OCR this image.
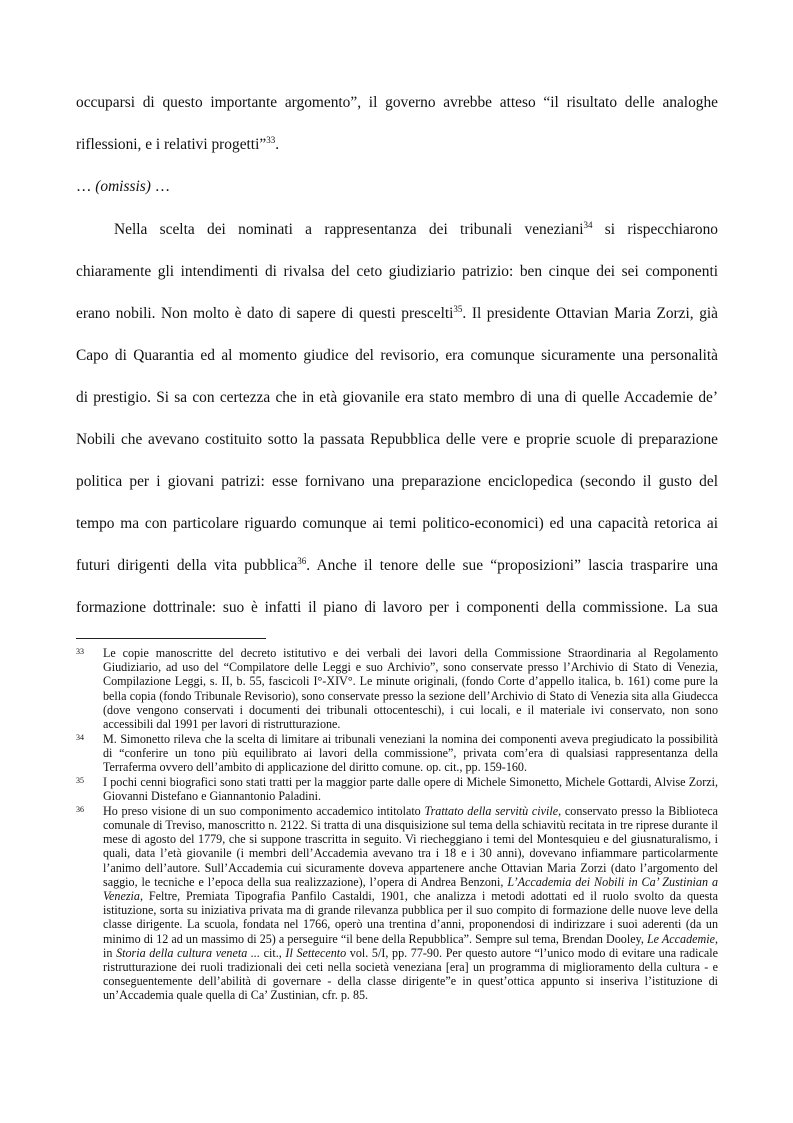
occuparsi di questo importante argomento”, il governo avrebbe atteso “il risultato delle analoghe

riflessioni, e i relativi progetti”$^{33}$.

… (omissis) …

Nella scelta dei nominati a rappresentanza dei tribunali veneziani$^{34}$ si rispecchiarono

chiaramente gli intendimenti di rivalsa del ceto giudiziario patrizio: ben cinque dei sei componenti

erano nobili. Non molto è dato di sapere di questi prescelti$^{35}$. Il presidente Ottavian Maria Zorzi, già

Capo di Quarantia ed al momento giudice del revisorio, era comunque sicuramente una personalità

di prestigio. Si sa con certezza che in età giovanile era stato membro di una di quelle Accademie de’

Nobili che avevano costituito sotto la passata Repubblica delle vere e proprie scuole di preparazione

politica per i giovani patrizi: esse fornivano una preparazione enciclopedica (secondo il gusto del

tempo ma con particolare riguardo comunque ai temi politico-economici) ed una capacità retorica ai

futuri dirigenti della vita pubblica$^{36}$. Anche il tenore delle sue “proposizioni” lascia trasparire una

formazione dottrinale: suo è infatti il piano di lavoro per i componenti della commissione. La sua

33 Le copie manoscritte del decreto istitutivo e dei verbali dei lavori della Commissione Straordinaria al Regolamento Giudiziario, ad uso del “Compilatore delle Leggi e suo Archivio”, sono conservate presso l’Archivio di Stato di Venezia, Compilazione Leggi, s. II, b. 55, fascicoli I°-XIV°. Le minute originali, (fondo Corte d’appello italica, b. 161) come pure la bella copia (fondo Tribunale Revisorio), sono conservate presso la sezione dell’Archivio di Stato di Venezia sita alla Giudecca (dove vengono conservati i documenti dei tribunali ottocenteschi), i cui locali, e il materiale ivi conservato, non sono accessibili dal 1991 per lavori di ristrutturazione.

34 M. Simonetto rileva che la scelta di limitare ai tribunali veneziani la nomina dei componenti aveva pregiudicato la possibilità di “conferire un tono più equilibrato ai lavori della commissione”, privata com’era di qualsiasi rappresentanza della Terraferma ovvero dell’ambito di applicazione del diritto comune. op. cit., pp. 159-160.

35 I pochi cenni biografici sono stati tratti per la maggior parte dalle opere di Michele Simonetto, Michele Gottardi, Alvise Zorzi, Giovanni Distefano e Giannantonio Paladini.

36 Ho preso visione di un suo componimento accademico intitolato Trattato della servitù civile, conservato presso la Biblioteca comunale di Treviso, manoscritto n. 2122. Si tratta di una disquisizione sul tema della schiavitù recitata in tre riprese durante il mese di agosto del 1779, che si suppone trascritta in seguito. Vi riecheggiano i temi del Montesquieu e del giusnaturalismo, i quali, data l’età giovanile (i membri dell’Accademia avevano tra i 18 e i 30 anni), dovevano infiammare particolarmente l’animo dell’autore. Sull’Accademia cui sicuramente doveva appartenere anche Ottavian Maria Zorzi (dato l’argomento del saggio, le tecniche e l’epoca della sua realizzazione), l’opera di Andrea Benzoni, L’Accademia dei Nobili in Ca’ Zustinian a Venezia, Feltre, Premiata Tipografia Panfilo Castaldi, 1901, che analizza i metodi adottati ed il ruolo svolto da questa istituzione, sorta su iniziativa privata ma di grande rilevanza pubblica per il suo compito di formazione delle nuove leve della classe dirigente. La scuola, fondata nel 1766, operò una trentina d’anni, proponendosi di indirizzare i suoi aderenti (da un minimo di 12 ad un massimo di 25) a perseguire “il bene della Repubblica”. Sempre sul tema, Brendan Dooley, Le Accademie, in Storia della cultura veneta ... cit., Il Settecento vol. 5/I, pp. 77-90. Per questo autore “l’unico modo di evitare una radicale ristrutturazione dei ruoli tradizionali dei ceti nella società veneziana [era] un programma di miglioramento della cultura - e conseguentemente dell’abilità di governare - della classe dirigente”e in quest’ottica appunto si inseriva l’istituzione di un’Accademia quale quella di Ca’ Zustinian, cfr. p. 85.
